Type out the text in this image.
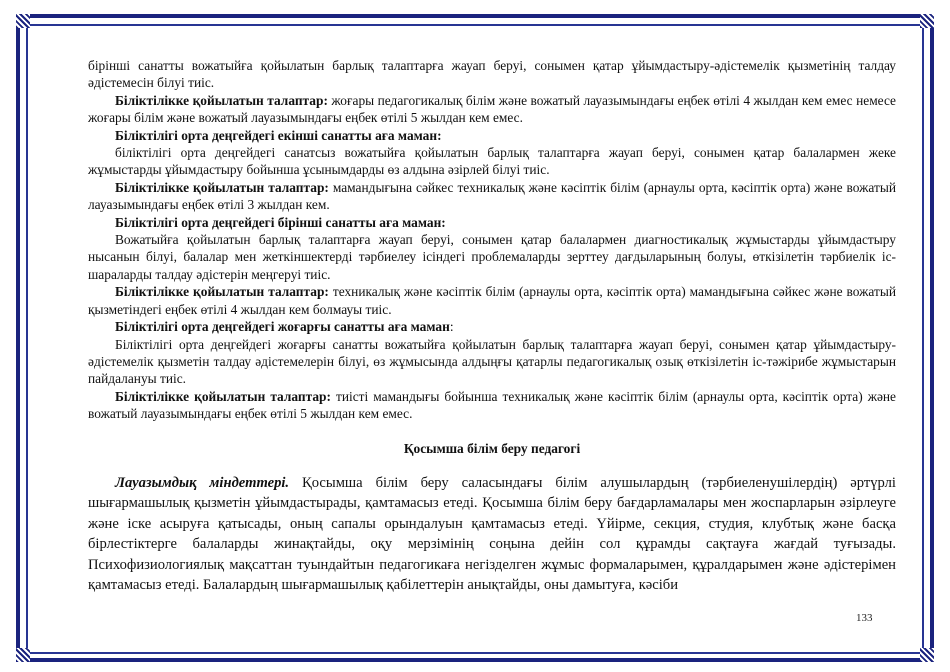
бірінші санатты вожатыйға қойылатын барлық талаптарға жауап беруі, сонымен қатар ұйымдастыру-әдістемелік қызметінің талдау әдістемесін білуі тиіс.

Біліктілікке қойылатын талаптар: жоғары педагогикалық білім және вожатый лауазымындағы еңбек өтілі 4 жылдан кем емес немесе жоғары білім және вожатый лауазымындағы еңбек өтілі 5 жылдан кем емес.

Біліктілігі орта деңгейдегі екінші санатты аға маман:

біліктілігі орта деңгейдегі санатсыз вожатыйға қойылатын барлық талаптарға жауап беруі, сонымен қатар балалармен жеке жұмыстарды ұйымдастыру бойынша ұсынымдарды өз алдына әзірлей білуі тиіс.

Біліктілікке қойылатын талаптар: мамандығына сәйкес техникалық және кәсіптік білім (арнаулы орта, кәсіптік орта) және вожатый лауазымындағы еңбек өтілі 3 жылдан кем.

Біліктілігі орта деңгейдегі бірінші санатты аға маман:

Вожатыйға қойылатын барлық талаптарға жауап беруі, сонымен қатар балалармен диагностикалық жұмыстарды ұйымдастыру нысанын білуі, балалар мен жеткіншектерді тәрбиелеу ісіндегі проблемаларды зерттеу дағдыларының болуы, өткізілетін тәрбиелік іс-шараларды талдау әдістерін меңгеруі тиіс.

Біліктілікке қойылатын талаптар: техникалық және кәсіптік білім (арнаулы орта, кәсіптік орта) мамандығына сәйкес және вожатый қызметіндегі еңбек өтілі 4 жылдан кем болмауы тиіс.

Біліктілігі орта деңгейдегі жоғарғы санатты аға маман:

Біліктілігі орта деңгейдегі жоғарғы санатты вожатыйға қойылатын барлық талаптарға жауап беруі, сонымен қатар ұйымдастыру-әдістемелік қызметін талдау әдістемелерін білуі, өз жұмысында алдыңғы қатарлы педагогикалық озық өткізілетін іс-тәжірибе жұмыстарын пайдалануы тиіс.

Біліктілікке қойылатын талаптар: тиісті мамандығы бойынша техникалық және кәсіптік білім (арнаулы орта, кәсіптік орта) және вожатый лауазымындағы еңбек өтілі 5 жылдан кем емес.

Қосымша білім беру педагогі

Лауазымдық міндеттері. Қосымша білім беру саласындағы білім алушылардың (тәрбиеленушілердің) әртүрлі шығармашылық қызметін ұйымдастырады, қамтамасыз етеді. Қосымша білім беру бағдарламалары мен жоспарларын әзірлеуге және іске асыруға қатысады, оның сапалы орындалуын қамтамасыз етеді. Үйірме, секция, студия, клубтық және басқа бірлестіктерге балаларды жинақтайды, оқу мерзімінің соңына дейін сол құрамды сақтауға жағдай туғызады. Психофизиологиялық мақсаттан туындайтын педагогикаға негізделген жұмыс формаларымен, құралдарымен және әдістерімен қамтамасыз етеді. Балалардың шығармашылық қабілеттерін анықтайды, оны дамытуға, кәсіби

133
